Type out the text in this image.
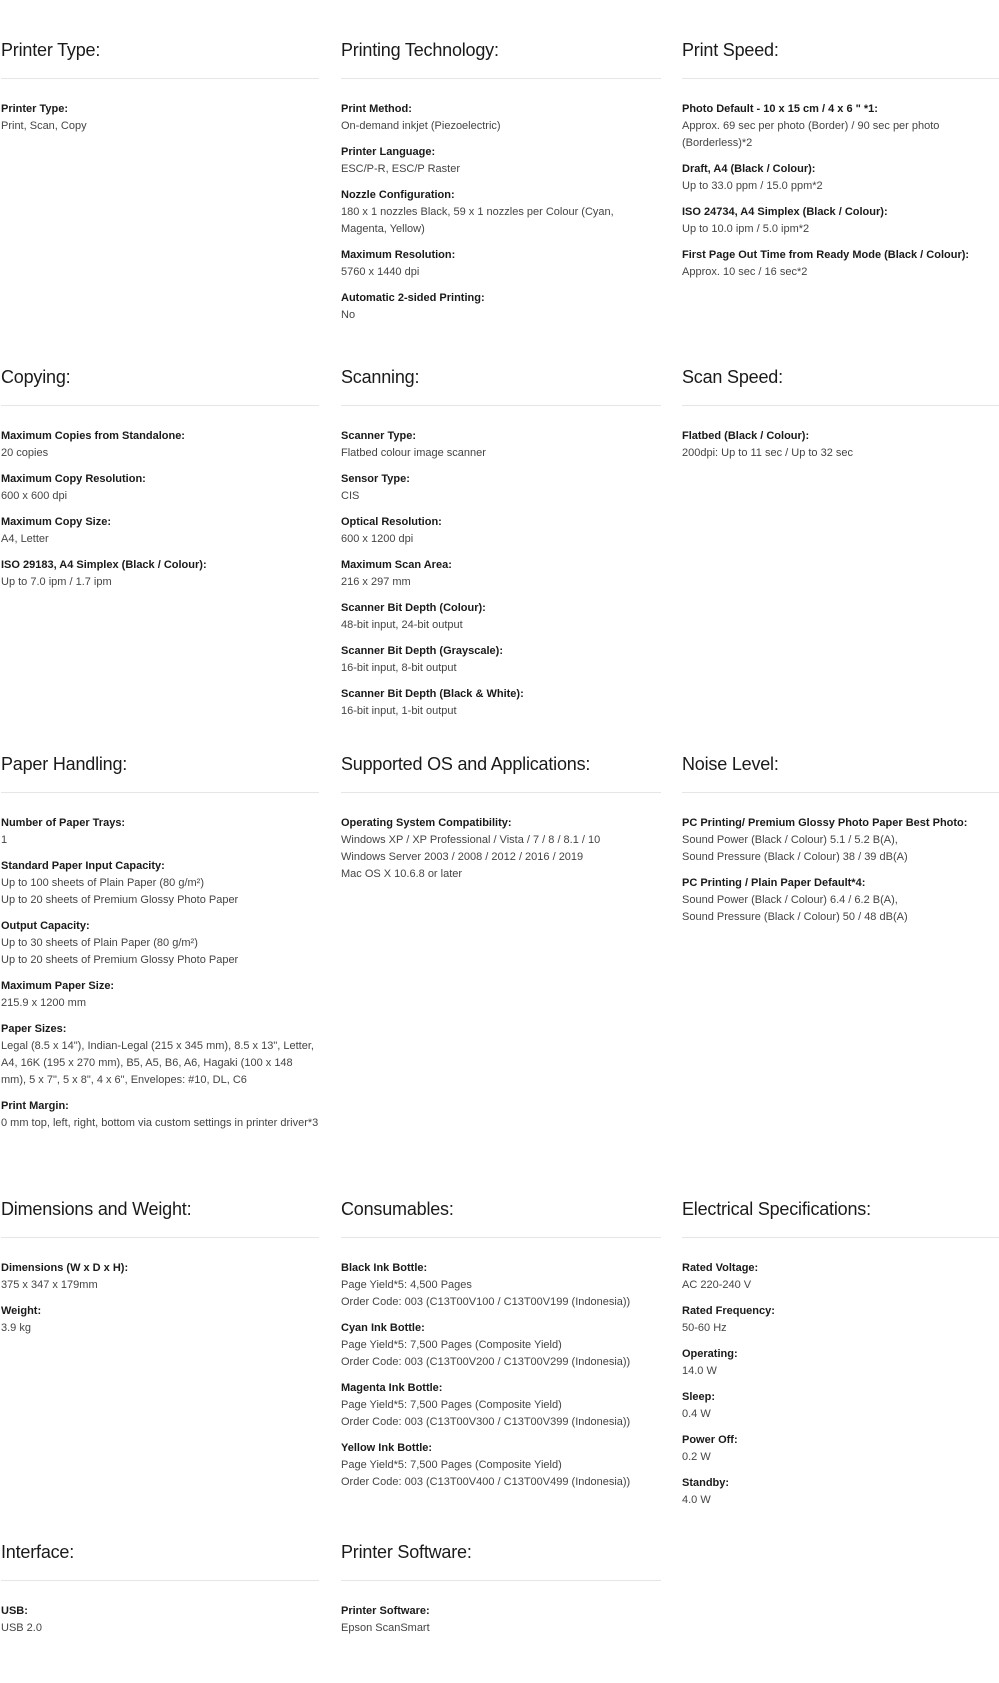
Printer Type:
Printer Type:
Print, Scan, Copy
Printing Technology:
Print Method:
On-demand inkjet (Piezoelectric)
Printer Language:
ESC/P-R, ESC/P Raster
Nozzle Configuration:
180 x 1 nozzles Black, 59 x 1 nozzles per Colour (Cyan, Magenta, Yellow)
Maximum Resolution:
5760 x 1440 dpi
Automatic 2-sided Printing:
No
Print Speed:
Photo Default - 10 x 15 cm / 4 x 6 " *1:
Approx. 69 sec per photo (Border) / 90 sec per photo (Borderless)*2
Draft, A4 (Black / Colour):
Up to 33.0 ppm / 15.0 ppm*2
ISO 24734, A4 Simplex (Black / Colour):
Up to 10.0 ipm / 5.0 ipm*2
First Page Out Time from Ready Mode (Black / Colour):
Approx. 10 sec / 16 sec*2
Copying:
Maximum Copies from Standalone:
20 copies
Maximum Copy Resolution:
600 x 600 dpi
Maximum Copy Size:
A4, Letter
ISO 29183, A4 Simplex (Black / Colour):
Up to 7.0 ipm / 1.7 ipm
Scanning:
Scanner Type:
Flatbed colour image scanner
Sensor Type:
CIS
Optical Resolution:
600 x 1200 dpi
Maximum Scan Area:
216 x 297 mm
Scanner Bit Depth (Colour):
48-bit input, 24-bit output
Scanner Bit Depth (Grayscale):
16-bit input, 8-bit output
Scanner Bit Depth (Black & White):
16-bit input, 1-bit output
Scan Speed:
Flatbed (Black / Colour):
200dpi: Up to 11 sec / Up to 32 sec
Paper Handling:
Number of Paper Trays:
1
Standard Paper Input Capacity:
Up to 100 sheets of Plain Paper (80 g/m²)
Up to 20 sheets of Premium Glossy Photo Paper
Output Capacity:
Up to 30 sheets of Plain Paper (80 g/m²)
Up to 20 sheets of Premium Glossy Photo Paper
Maximum Paper Size:
215.9 x 1200 mm
Paper Sizes:
Legal (8.5 x 14"), Indian-Legal (215 x 345 mm), 8.5 x 13", Letter, A4, 16K (195 x 270 mm), B5, A5, B6, A6, Hagaki (100 x 148 mm), 5 x 7", 5 x 8", 4 x 6", Envelopes: #10, DL, C6
Print Margin:
0 mm top, left, right, bottom via custom settings in printer driver*3
Supported OS and Applications:
Operating System Compatibility:
Windows XP / XP Professional / Vista / 7 / 8 / 8.1 / 10
Windows Server 2003 / 2008 / 2012 / 2016 / 2019
Mac OS X 10.6.8 or later
Noise Level:
PC Printing/ Premium Glossy Photo Paper Best Photo:
Sound Power (Black / Colour) 5.1 / 5.2 B(A),
Sound Pressure (Black / Colour) 38 / 39 dB(A)
PC Printing / Plain Paper Default*4:
Sound Power (Black / Colour) 6.4 / 6.2 B(A),
Sound Pressure (Black / Colour) 50 / 48 dB(A)
Dimensions and Weight:
Dimensions (W x D x H):
375 x 347 x 179mm
Weight:
3.9 kg
Consumables:
Black Ink Bottle:
Page Yield*5: 4,500 Pages
Order Code: 003 (C13T00V100 / C13T00V199 (Indonesia))
Cyan Ink Bottle:
Page Yield*5: 7,500 Pages (Composite Yield)
Order Code: 003 (C13T00V200 / C13T00V299 (Indonesia))
Magenta Ink Bottle:
Page Yield*5: 7,500 Pages (Composite Yield)
Order Code: 003 (C13T00V300 / C13T00V399 (Indonesia))
Yellow Ink Bottle:
Page Yield*5: 7,500 Pages (Composite Yield)
Order Code: 003 (C13T00V400 / C13T00V499 (Indonesia))
Electrical Specifications:
Rated Voltage:
AC 220-240 V
Rated Frequency:
50-60 Hz
Operating:
14.0 W
Sleep:
0.4 W
Power Off:
0.2 W
Standby:
4.0 W
Interface:
USB:
USB 2.0
Printer Software:
Printer Software:
Epson ScanSmart
